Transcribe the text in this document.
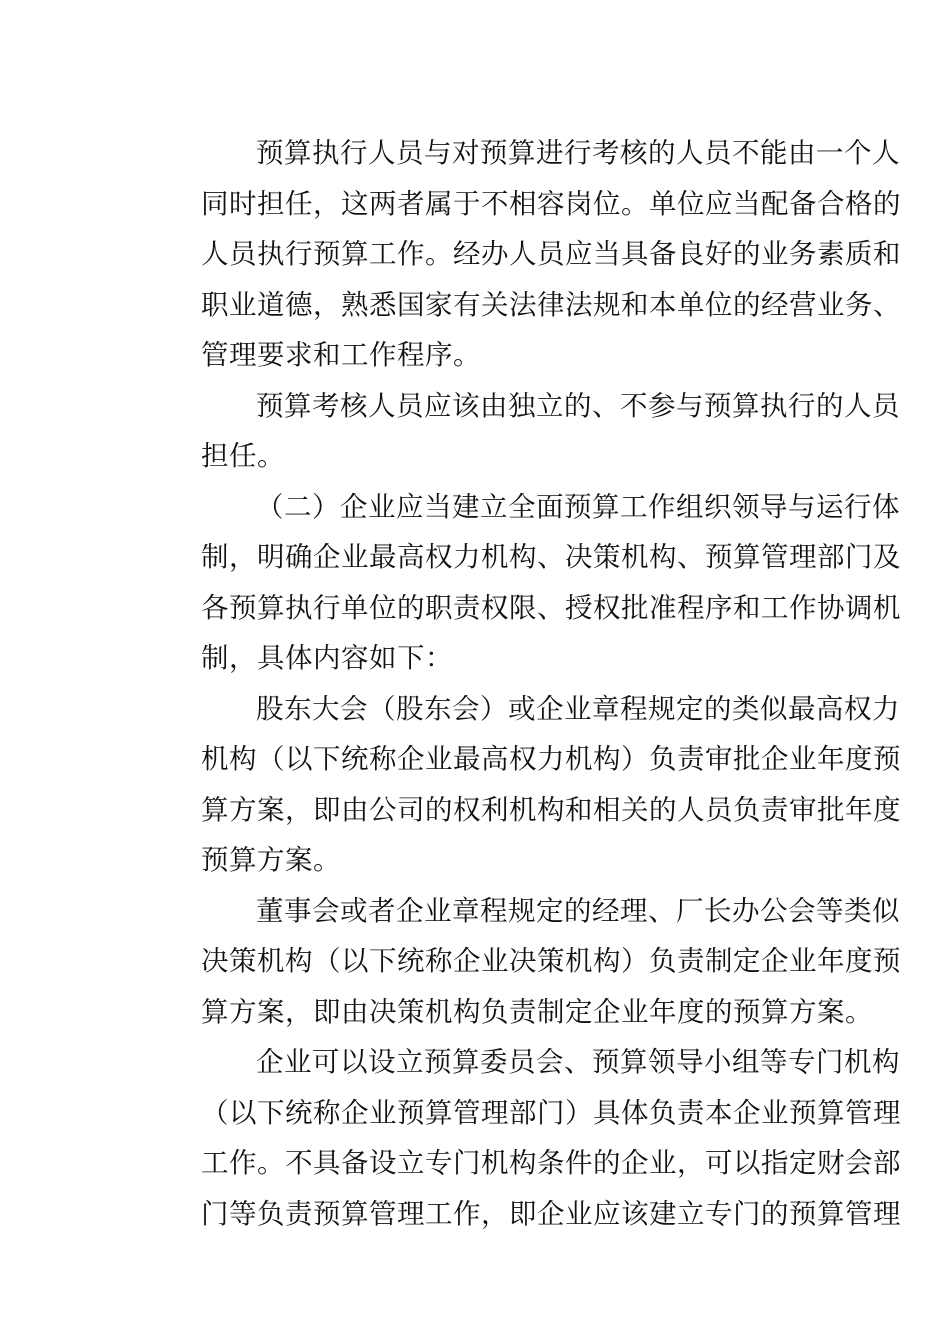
预算执行人员与对预算进行考核的人员不能由一个人
同时担任，这两者属于不相容岗位。单位应当配备合格的
人员执行预算工作。经办人员应当具备良好的业务素质和
职业道德，熟悉国家有关法律法规和本单位的经营业务、
管理要求和工作程序。
预算考核人员应该由独立的、不参与预算执行的人员
担任。
（二）企业应当建立全面预算工作组织领导与运行体
制，明确企业最高权力机构、决策机构、预算管理部门及
各预算执行单位的职责权限、授权批准程序和工作协调机
制，具体内容如下：
股东大会（股东会）或企业章程规定的类似最高权力
机构（以下统称企业最高权力机构）负责审批企业年度预
算方案，即由公司的权利机构和相关的人员负责审批年度
预算方案。
董事会或者企业章程规定的经理、厂长办公会等类似
决策机构（以下统称企业决策机构）负责制定企业年度预
算方案，即由决策机构负责制定企业年度的预算方案。
企业可以设立预算委员会、预算领导小组等专门机构
（以下统称企业预算管理部门）具体负责本企业预算管理
工作。不具备设立专门机构条件的企业，可以指定财会部
门等负责预算管理工作，即企业应该建立专门的预算管理
